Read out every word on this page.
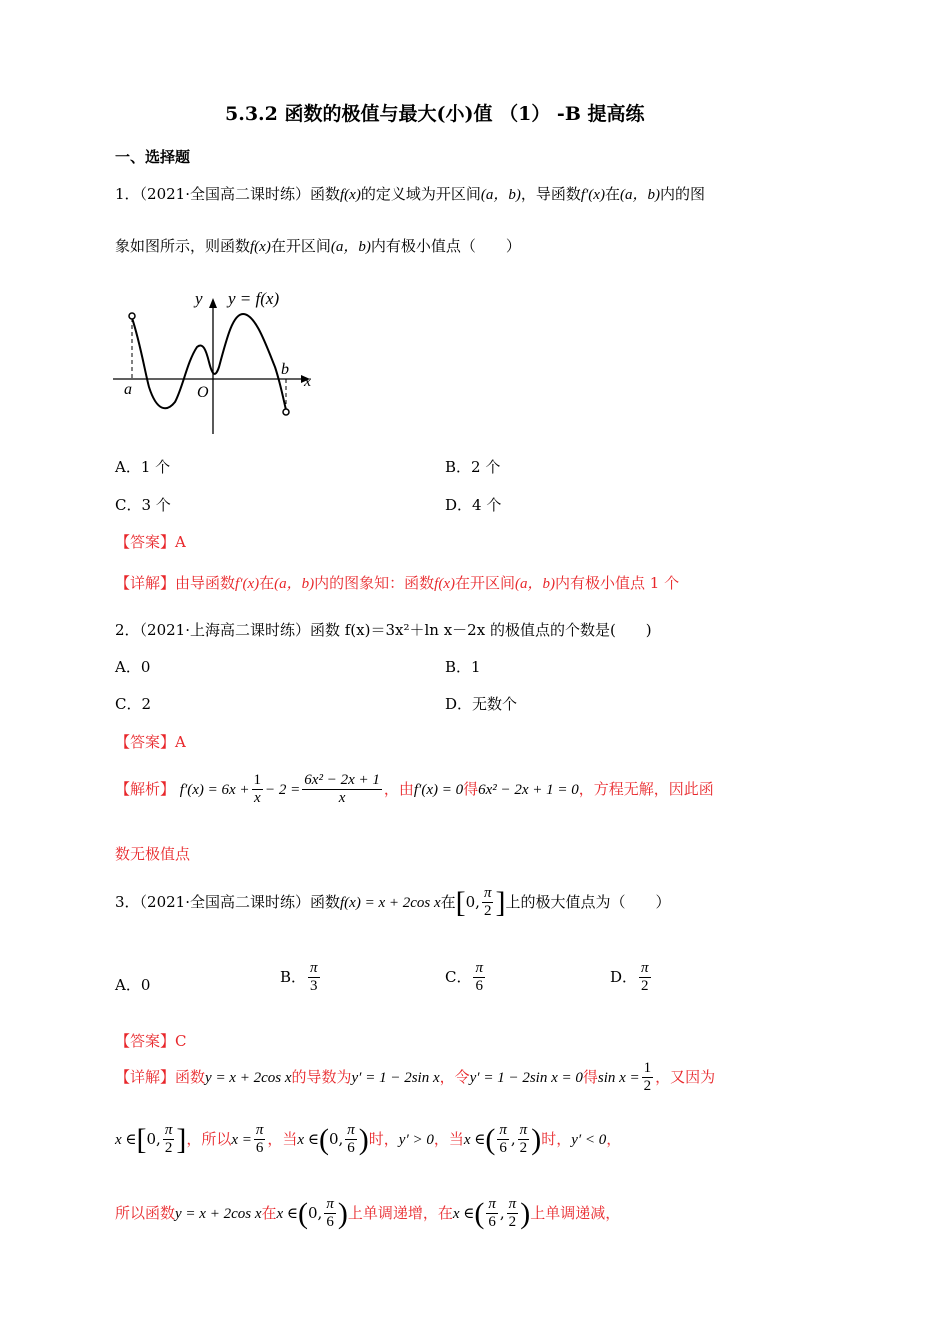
5.3.2 函数的极值与最大(小)值 （1） -B 提高练
一、选择题
1．（2021·全国高二课时练）函数f(x)的定义域为开区间(a，b)，导函数f′(x)在(a，b)内的图
象如图所示，则函数f(x)在开区间(a，b)内有极小值点（　　）
y y = f(x)
x
a	O
b
A．1 个	B．2 个
C．3 个	D．4 个
【答案】A
【详解】由导函数f′(x)在(a，b)内的图象知：函数f(x)在开区间(a，b)内有极小值点 1 个
2．（2021·上海高二课时练）函数 f(x)＝3x²＋ln x－2x 的极值点的个数是(　　)
A．0	B．1
C．2	D．无数个
【答案】A
【解析】 $f'(x) = 6x + \frac{1}{x} - 2 = \frac{\text{6x² − 2x + 1}}{x}$ ，由f′(x) = 0得6x² − 2x + 1 = 0，方程无解，因此函
数无极值点
3．（2021·全国高二课时练）函数f(x) = x + 2cos x在[0, $\frac{\pi}{2}$ ]上的极大值点为（　　）
A．0	B． $\frac{\pi}{3}$	C． $\frac{\pi}{6}$	D． $\frac{\pi}{2}$
【答案】C
【详解】函数y = x + 2cos x的导数为y′ = 1 − 2sin x，令y′ = 1 − 2sin x = 0得$\sin x = \frac{1}{2}$ ，又因为
x ∈[0, $\frac{\pi}{2}$ ]，所以$x = \frac{\pi}{6}$ ，当x ∈(0, $\frac{\pi}{6}$ )时，y′ > 0，当x ∈( $\frac{\pi}{6}$ , $\frac{\pi}{2}$ )时，y′ < 0，
所以函数y = x + 2cos x在x ∈(0, $\frac{\pi}{6}$ )上单调递增，在x ∈( $\frac{\pi}{6}$ , $\frac{\pi}{2}$ )上单调递减，
